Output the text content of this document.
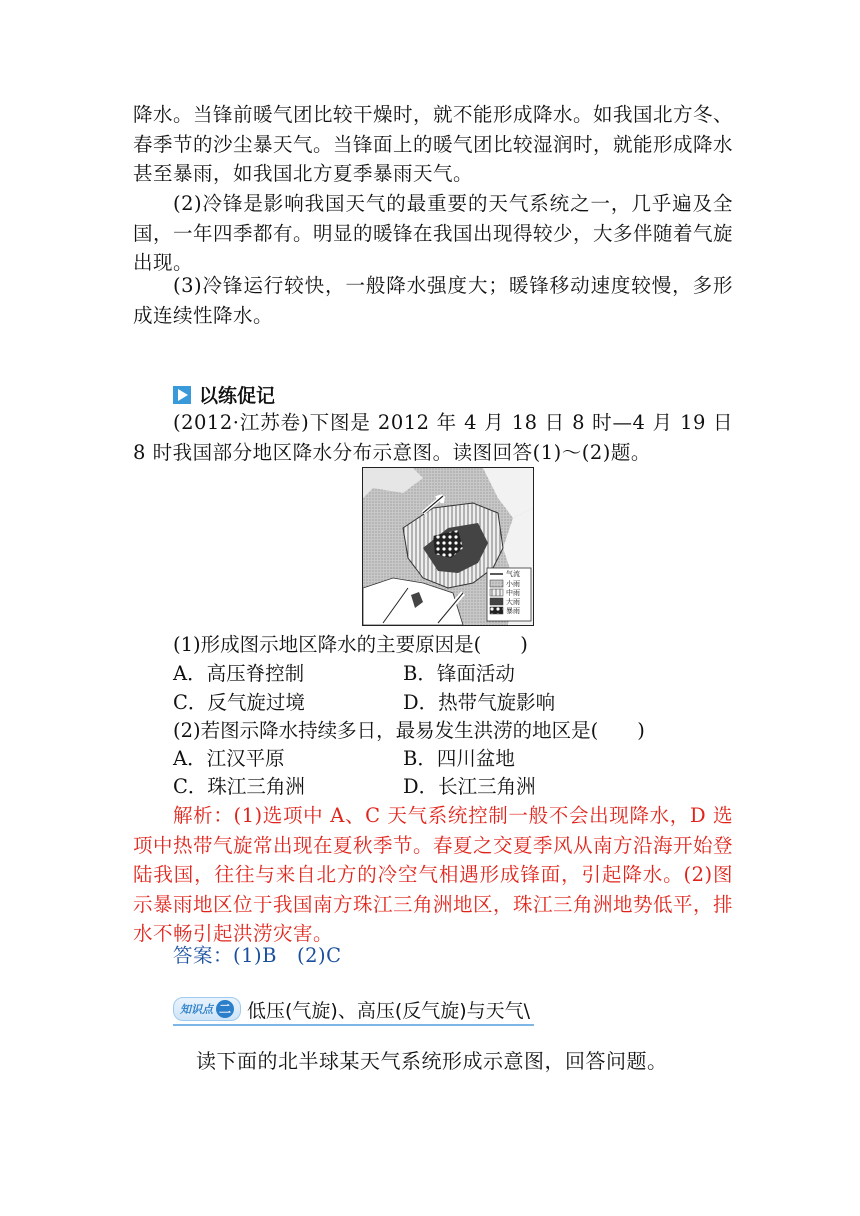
降水。当锋前暖气团比较干燥时，就不能形成降水。如我国北方冬、春季节的沙尘暴天气。当锋面上的暖气团比较湿润时，就能形成降水甚至暴雨，如我国北方夏季暴雨天气。

(2)冷锋是影响我国天气的最重要的天气系统之一，几乎遍及全国，一年四季都有。明显的暖锋在我国出现得较少，大多伴随着气旋出现。

(3)冷锋运行较快，一般降水强度大；暖锋移动速度较慢，多形成连续性降水。

以练促记

(2012·江苏卷)下图是 2012 年 4 月 18 日 8 时—4 月 19 日 8 时我国部分地区降水分布示意图。读图回答(1)～(2)题。

气流
小雨
中雨
大雨
暴雨
(1)形成图示地区降水的主要原因是(　　)
A．高压脊控制	B．锋面活动
C．反气旋过境	D．热带气旋影响
(2)若图示降水持续多日，最易发生洪涝的地区是(　　)
A．江汉平原	B．四川盆地
C．珠江三角洲	D．长江三角洲

解析：(1)选项中 A、C 天气系统控制一般不会出现降水，D 选项中热带气旋常出现在夏秋季节。春夏之交夏季风从南方沿海开始登陆我国，往往与来自北方的冷空气相遇形成锋面，引起降水。(2)图示暴雨地区位于我国南方珠江三角洲地区，珠江三角洲地势低平，排水不畅引起洪涝灾害。

答案：(1)B　(2)C

知识点 二 低压(气旋)、高压(反气旋)与天气\

读下面的北半球某天气系统形成示意图，回答问题。
